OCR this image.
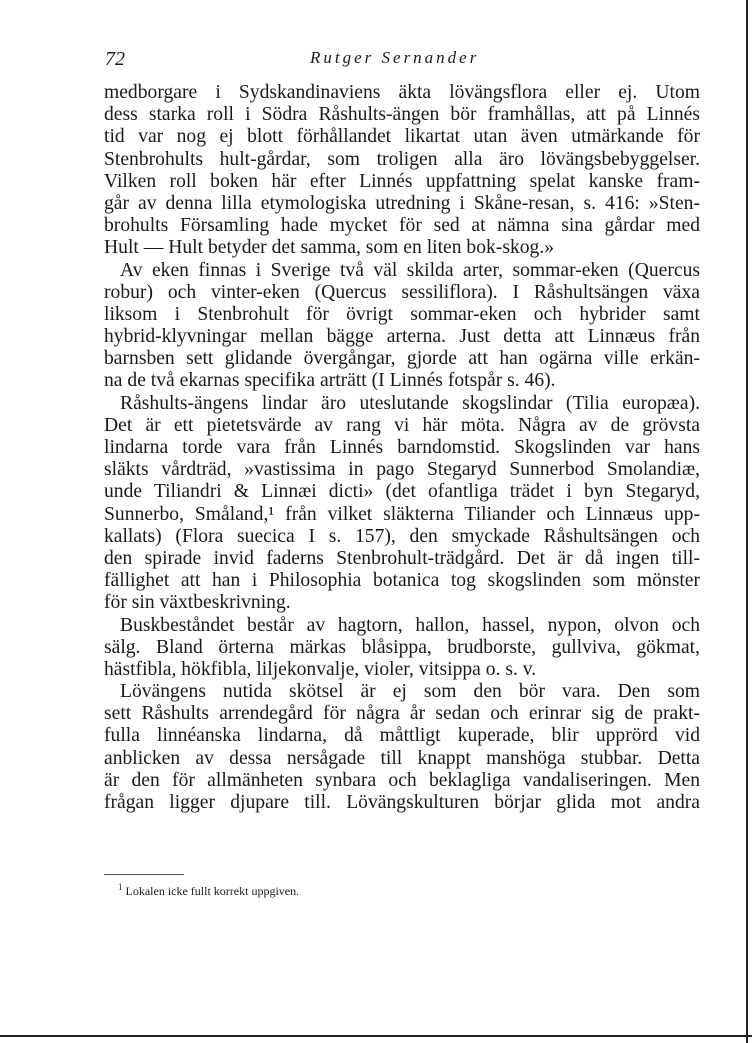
72	Rutger Sernander
medborgare i Sydskandinaviens äkta lövängsflora eller ej. Utom
dess starka roll i Södra Råshults-ängen bör framhållas, att på Linnés
tid var nog ej blott förhållandet likartat utan även utmärkande för
Stenbrohults hult-gårdar, som troligen alla äro lövängsbebyggelser.
Vilken roll boken här efter Linnés uppfattning spelat kanske fram-
går av denna lilla etymologiska utredning i Skåne-resan, s. 416: »Sten-
brohults Församling hade mycket för sed at nämna sina gårdar med
Hult — Hult betyder det samma, som en liten bok-skog.»
Av eken finnas i Sverige två väl skilda arter, sommar-eken (Quercus
robur) och vinter-eken (Quercus sessiliflora). I Råshultsängen växa
liksom i Stenbrohult för övrigt sommar-eken och hybrider samt
hybrid-klyvningar mellan bägge arterna. Just detta att Linnæus från
barnsben sett glidande övergångar, gjorde att han ogärna ville erkän-
na de två ekarnas specifika arträtt (I Linnés fotspår s. 46).
Råshults-ängens lindar äro uteslutande skogslindar (Tilia europæa).
Det är ett pietetsvärde av rang vi här möta. Några av de grövsta
lindarna torde vara från Linnés barndomstid. Skogslinden var hans
släkts vårdträd, »vastissima in pago Stegaryd Sunnerbod Smolandiæ,
unde Tiliandri & Linnæi dicti» (det ofantliga trädet i byn Stegaryd,
Sunnerbo, Småland,¹ från vilket släkterna Tiliander och Linnæus upp-
kallats) (Flora suecica I s. 157), den smyckade Råshultsängen och
den spirade invid faderns Stenbrohult-trädgård. Det är då ingen till-
fällighet att han i Philosophia botanica tog skogslinden som mönster
för sin växtbeskrivning.
Buskbeståndet består av hagtorn, hallon, hassel, nypon, olvon och
sälg. Bland örterna märkas blåsippa, brudborste, gullviva, gökmat,
hästfibla, hökfibla, liljekonvalje, violer, vitsippa o. s. v.
Lövängens nutida skötsel är ej som den bör vara. Den som
sett Råshults arrendegård för några år sedan och erinrar sig de prakt-
fulla linnéanska lindarna, då måttligt kuperade, blir upprörd vid
anblicken av dessa nersågade till knappt manshöga stubbar. Detta
är den för allmänheten synbara och beklagliga vandaliseringen. Men
frågan ligger djupare till. Lövängskulturen börjar glida mot andra
$^1$ Lokalen icke fullt korrekt uppgiven.
